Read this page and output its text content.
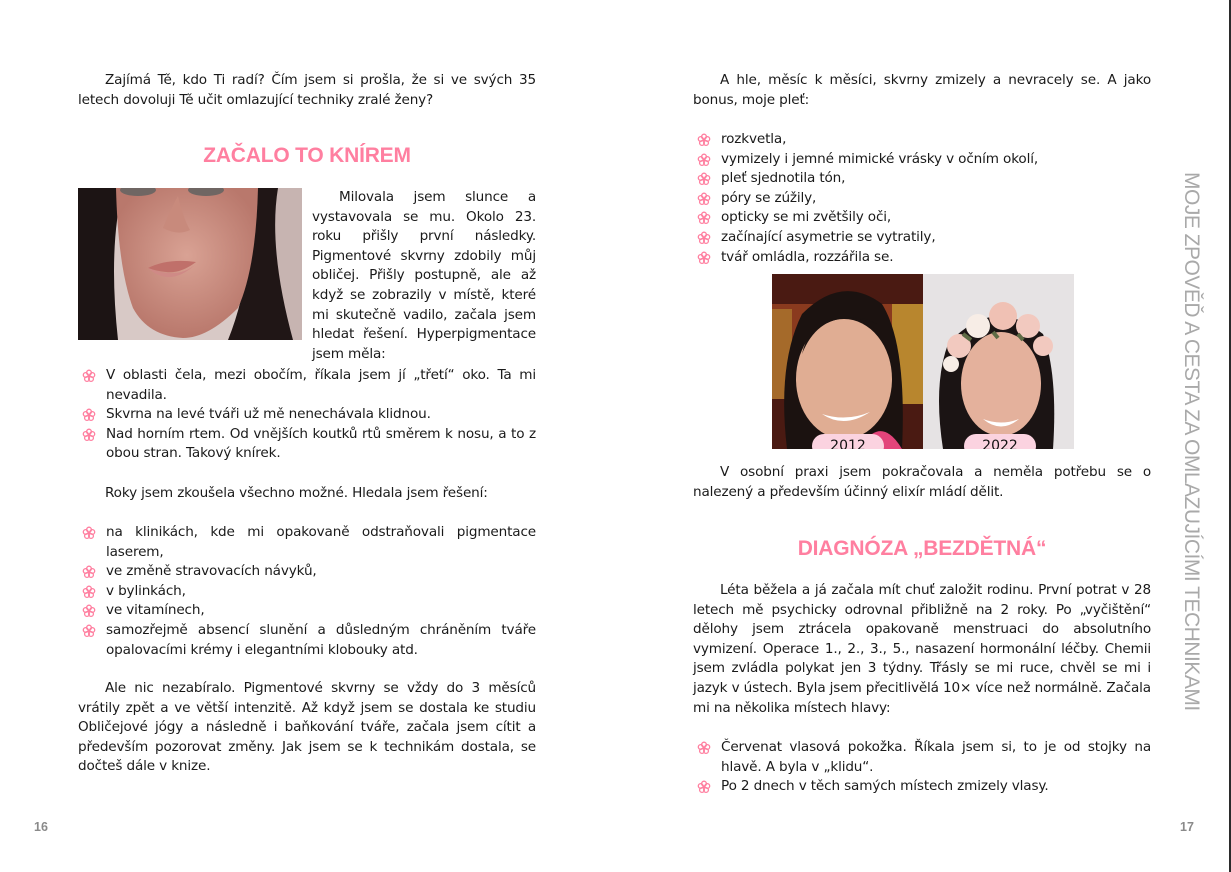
Zajímá Tě, kdo Ti radí? Čím jsem si prošla, že si ve svých 35 letech dovoluji Tě učit omlazující techniky zralé ženy?

ZAČALO TO KNÍREM

Milovala jsem slunce a vystavovala se mu. Okolo 23. roku přišly první následky. Pigmentové skvrny zdobily můj obličej. Přišly postupně, ale až když se zobrazily v místě, které mi skutečně vadilo, začala jsem hledat řešení. Hyperpigmentace jsem měla:

V oblasti čela, mezi obočím, říkala jsem jí „třetí“ oko. Ta mi nevadila.
Skvrna na levé tváři už mě nenechávala klidnou.
Nad horním rtem. Od vnějších koutků rtů směrem k nosu, a to z obou stran. Takový knírek.

Roky jsem zkoušela všechno možné. Hledala jsem řešení:

na klinikách, kde mi opakovaně odstraňovali pigmentace laserem,
ve změně stravovacích návyků,
v bylinkách,
ve vitamínech,
samozřejmě absencí slunění a důsledným chráněním tváře opalovacími krémy i elegantními klobouky atd.

Ale nic nezabíralo. Pigmentové skvrny se vždy do 3 měsíců vrátily zpět a ve větší intenzitě. Až když jsem se dostala ke studiu Obličejové jógy a následně i baňkování tváře, začala jsem cítit a především pozorovat změny. Jak jsem se k technikám dostala, se dočteš dále v knize.

16

A hle, měsíc k měsíci, skvrny zmizely a nevracely se. A jako bonus, moje pleť:

rozkvetla,
vymizely i jemné mimické vrásky v očním okolí,
pleť sjednotila tón,
póry se zúžily,
opticky se mi zvětšily oči,
začínající asymetrie se vytratily,
tvář omládla, rozzářila se.
2012	2022

V osobní praxi jsem pokračovala a neměla potřebu se o nalezený a především účinný elixír mládí dělit.

DIAGNÓZA „BEZDĚTNÁ“

Léta běžela a já začala mít chuť založit rodinu. První potrat v 28 letech mě psychicky odrovnal přibližně na 2 roky. Po „vyčištění“ dělohy jsem ztrácela opakovaně menstruaci do absolutního vymizení. Operace 1., 2., 3., 5., nasazení hormonální léčby. Chemii jsem zvládla polykat jen 3 týdny. Třásly se mi ruce, chvěl se mi i jazyk v ústech. Byla jsem přecitlivělá 10× více než normálně. Začala mi na několika místech hlavy:

Červenat vlasová pokožka. Říkala jsem si, to je od stojky na hlavě. A byla v „klidu“.
Po 2 dnech v těch samých místech zmizely vlasy.
17
MOJE ZPOVĚĎ A CESTA ZA OMLAZUJÍCÍMI TECHNIKAMI
